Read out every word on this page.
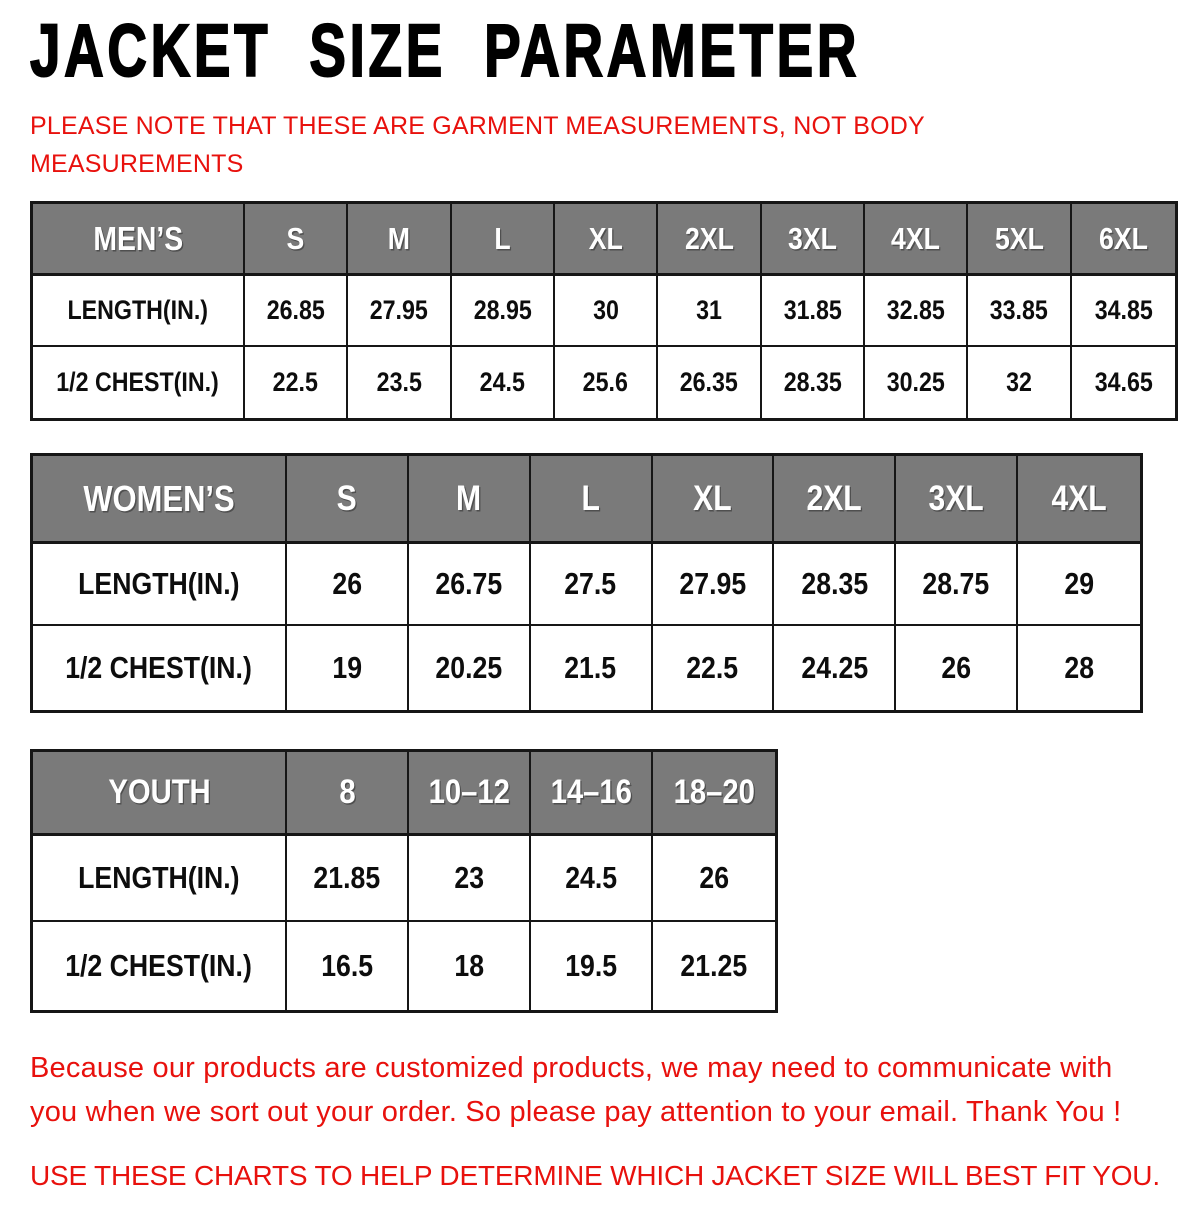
JACKET SIZE PARAMETER

PLEASE NOTE THAT THESE ARE GARMENT MEASUREMENTS, NOT BODY MEASUREMENTS

MEN’S	S	M	L	XL 2XL 3XL 4XL 5XL 6XL
LENGTH(IN.) 26.85 27.95 28.95 30	31 31.85 32.85 33.85 34.85
1/2 CHEST(IN.) 22.5 23.5 24.5 25.6 26.35 28.35 30.25 32 34.65
WOMEN’S	S	M	L	XL 2XL 3XL 4XL
LENGTH(IN.)	26 26.75 27.5 27.95 28.35 28.75 29
1/2 CHEST(IN.)	19 20.25 21.5 22.5 24.25 26	28
YOUTH	8 10–12 14–16 18–20
LENGTH(IN.) 21.85 23	24.5	26
1/2 CHEST(IN.) 16.5	18	19.5 21.25

Because our products are customized products, we may need to communicate with you when we sort out your order. So please pay attention to your email. Thank You !

USE THESE CHARTS TO HELP DETERMINE WHICH JACKET SIZE WILL BEST FIT YOU.
